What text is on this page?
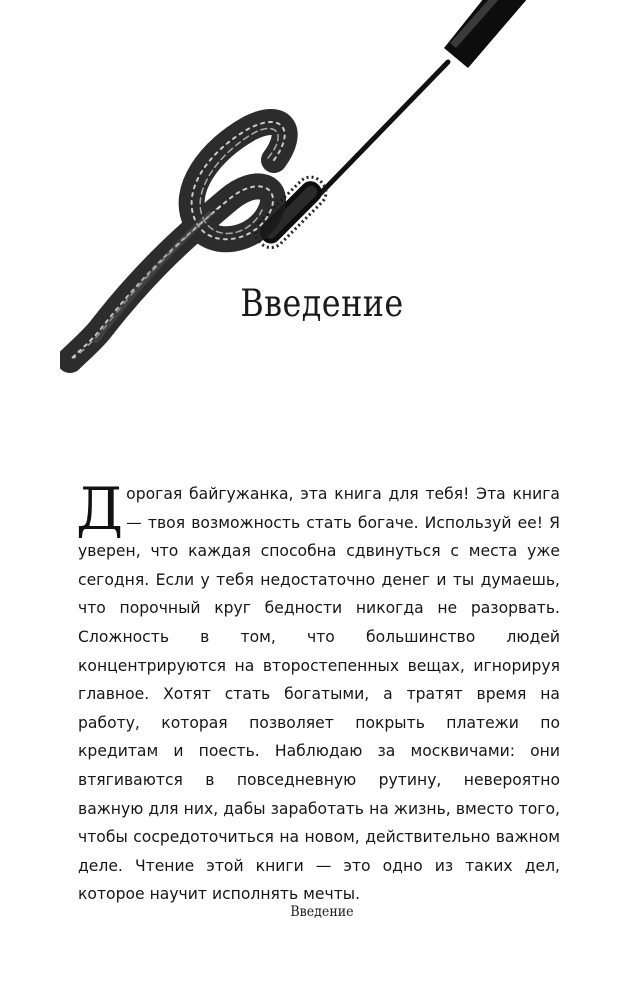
Введение
Д орогая байгужанка, эта книга для тебя! Эта книга — твоя возможность стать богаче. Используй ее! Я уверен, что каждая способна сдвинуться с места уже сегодня. Если у тебя недостаточно денег и ты думаешь, что порочный круг бедности никогда не разорвать. Сложность в том, что большинство людей концентрируются на второстепенных вещах, игнорируя главное. Хотят стать богатыми, а тратят время на работу, которая позволяет покрыть платежи по кредитам и поесть. Наблюдаю за москвичами: они втягиваются в повседневную рутину, невероятно важную для них, дабы заработать на жизнь, вместо того, чтобы сосредоточиться на новом, действительно важном деле. Чтение этой книги — это одно из таких дел, которое научит исполнять мечты.
Введение
